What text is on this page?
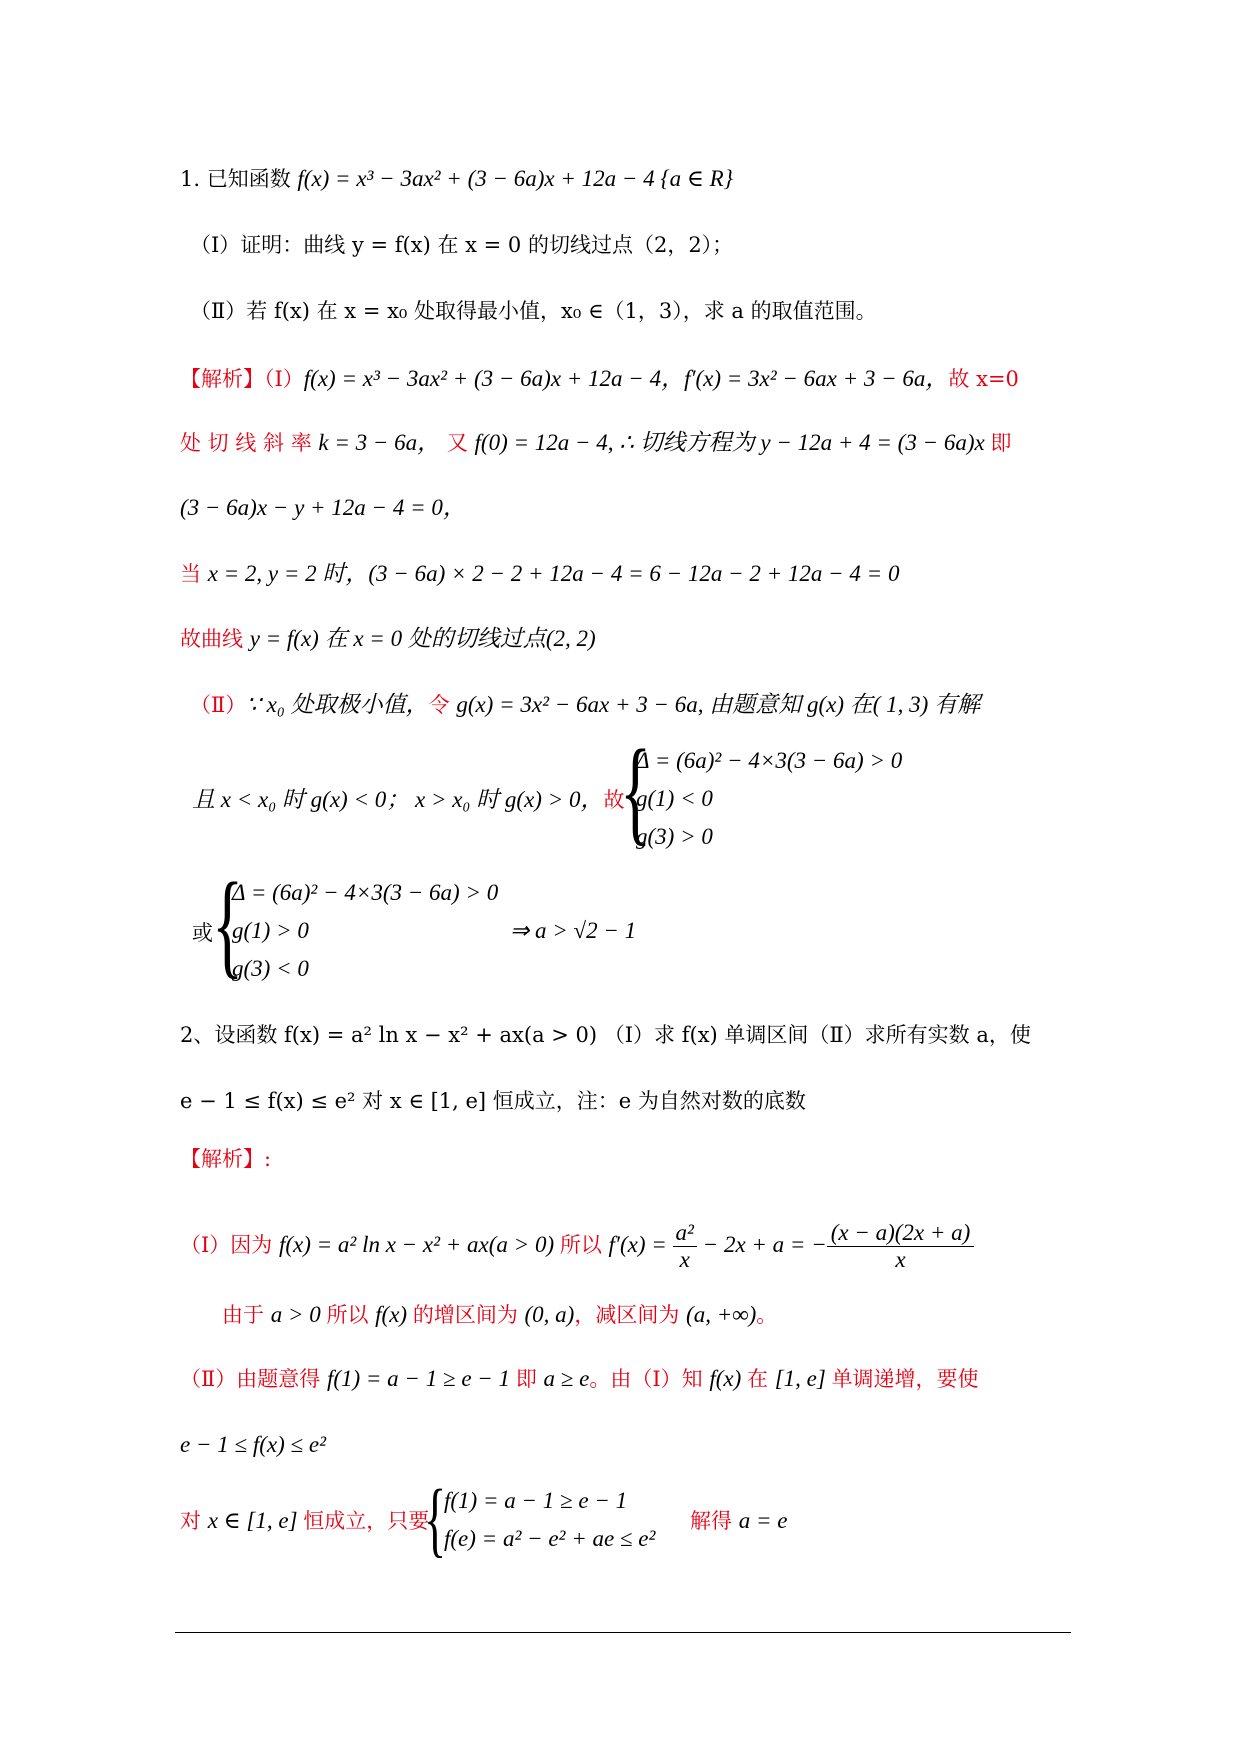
1. 已知函数 f(x) = x³ − 3ax² + (3 − 6a)x + 12a − 4 {a ∈ R}
（Ⅰ）证明：曲线 y = f(x) 在 x = 0 的切线过点（2，2）；
（Ⅱ）若 f(x) 在 x = x₀ 处取得最小值，x₀ ∈（1，3），求 a 的取值范围。
【解析】（Ⅰ）f(x) = x³ − 3ax² + (3 − 6a)x + 12a − 4，f′(x) = 3x² − 6ax + 3 − 6a，故 x=0
处 切 线 斜 率 k = 3 − 6a， 又 f(0) = 12a − 4, ∴ 切线方程为 y − 12a + 4 = (3 − 6a)x 即
(3 − 6a)x − y + 12a − 4 = 0，
当 x = 2, y = 2 时，(3 − 6a) × 2 − 2 + 12a − 4 = 6 − 12a − 2 + 12a − 4 = 0
故曲线 y = f(x) 在 x = 0 处的切线过点(2, 2)
（Ⅱ）∵ x₀ 处取极小值，令 g(x) = 3x² − 6ax + 3 − 6a, 由题意知 g(x) 在( 1, 3) 有解
且 x < x₀ 时 g(x) < 0； x > x₀ 时 g(x) > 0，故
{
Δ = (6a)² − 4×3(3 − 6a) > 0
g(1) < 0
g(3) > 0
或 {
Δ = (6a)² − 4×3(3 − 6a) > 0
g(1) > 0
g(3) < 0
⇒ a > √2 − 1
2、设函数 f(x) = a² ln x − x² + ax(a > 0) （Ⅰ）求 f(x) 单调区间（Ⅱ）求所有实数 a，使
e − 1 ≤ f(x) ≤ e² 对 x ∈ [1, e] 恒成立，注：e 为自然对数的底数
【解析】:
（Ⅰ）因为 f(x) = a² ln x − x² + ax(a > 0) 所以 $f'(x) = \frac{\text{a²}}{x} - 2x + a$ = − $\frac{(x - a)(2x + a)}{x}$
由于 a > 0 所以 f(x) 的增区间为 (0, a)，减区间为 (a, +∞)。
（Ⅱ）由题意得 f(1) = a − 1 ≥ e − 1 即 a ≥ e。由（Ⅰ）知 f(x) 在 [1, e] 单调递增，要使
e − 1 ≤ f(x) ≤ e²
对 x ∈ [1, e] 恒成立，只要
{
f(1) = a − 1 ≥ e − 1
f(e) = a² − e² + ae ≤ e²
解得 a = e
